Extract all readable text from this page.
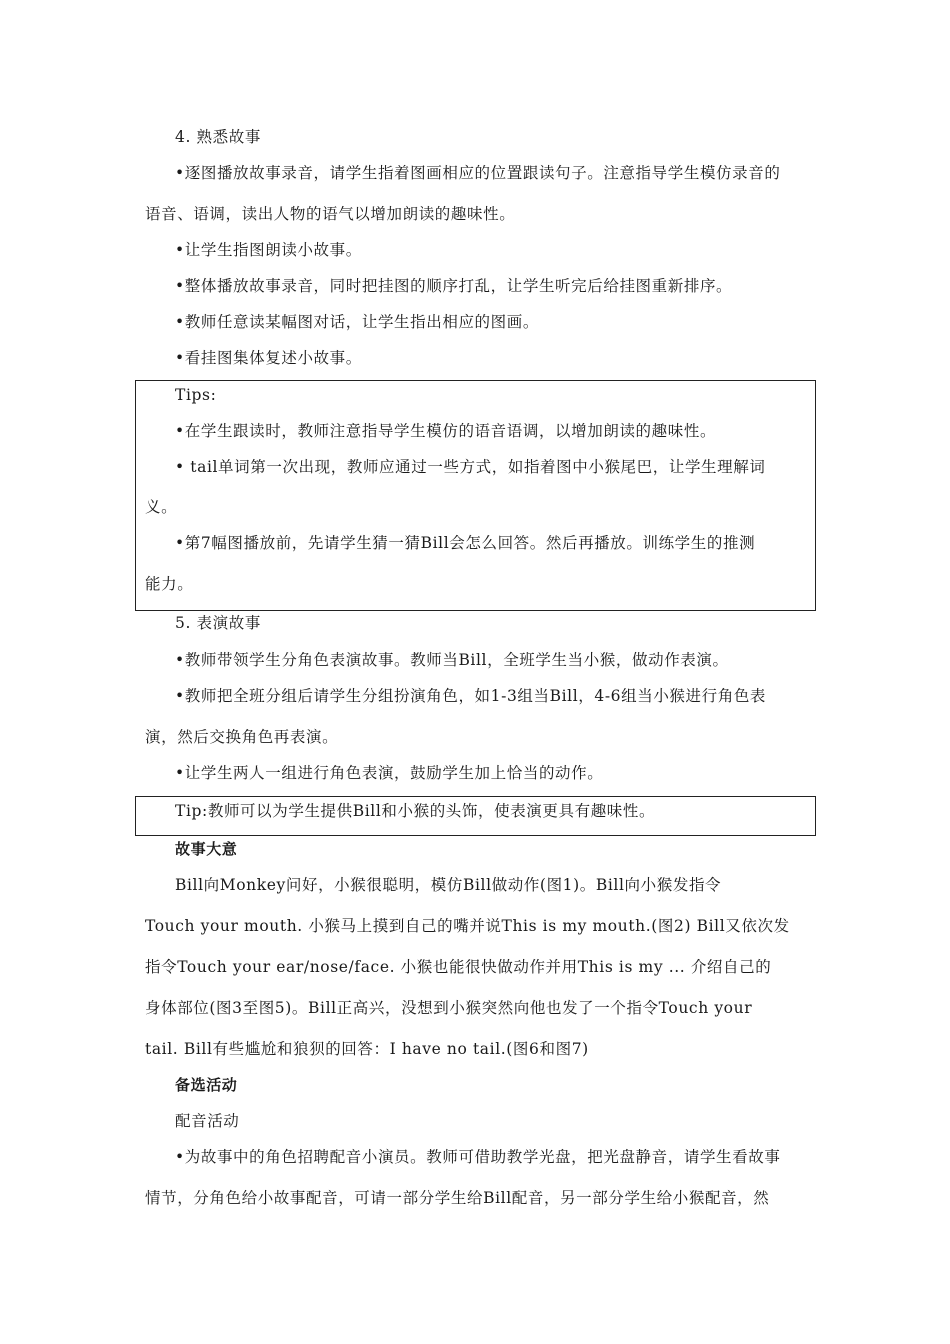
4. 熟悉故事
•逐图播放故事录音，请学生指着图画相应的位置跟读句子。注意指导学生模仿录音的
语音、语调，读出人物的语气以增加朗读的趣味性。
•让学生指图朗读小故事。
•整体播放故事录音，同时把挂图的顺序打乱，让学生听完后给挂图重新排序。
•教师任意读某幅图对话，让学生指出相应的图画。
•看挂图集体复述小故事。
Tips:
•在学生跟读时，教师注意指导学生模仿的语音语调，以增加朗读的趣味性。
• tail单词第一次出现，教师应通过一些方式，如指着图中小猴尾巴，让学生理解词
义。
•第7幅图播放前，先请学生猜一猜Bill会怎么回答。然后再播放。训练学生的推测
能力。
5. 表演故事
•教师带领学生分角色表演故事。教师当Bill，全班学生当小猴，做动作表演。
•教师把全班分组后请学生分组扮演角色，如1-3组当Bill，4-6组当小猴进行角色表
演，然后交换角色再表演。
•让学生两人一组进行角色表演，鼓励学生加上恰当的动作。
Tip:教师可以为学生提供Bill和小猴的头饰，使表演更具有趣味性。
故事大意
Bill向Monkey问好，小猴很聪明，模仿Bill做动作(图1)。Bill向小猴发指令
Touch your mouth. 小猴马上摸到自己的嘴并说This is my mouth.(图2) Bill又依次发
指令Touch your ear/nose/face. 小猴也能很快做动作并用This is my ... 介绍自己的
身体部位(图3至图5)。Bill正高兴，没想到小猴突然向他也发了一个指令Touch your
tail. Bill有些尴尬和狼狈的回答：I have no tail.(图6和图7)
备选活动
配音活动
•为故事中的角色招聘配音小演员。教师可借助教学光盘，把光盘静音，请学生看故事
情节，分角色给小故事配音，可请一部分学生给Bill配音，另一部分学生给小猴配音，然
